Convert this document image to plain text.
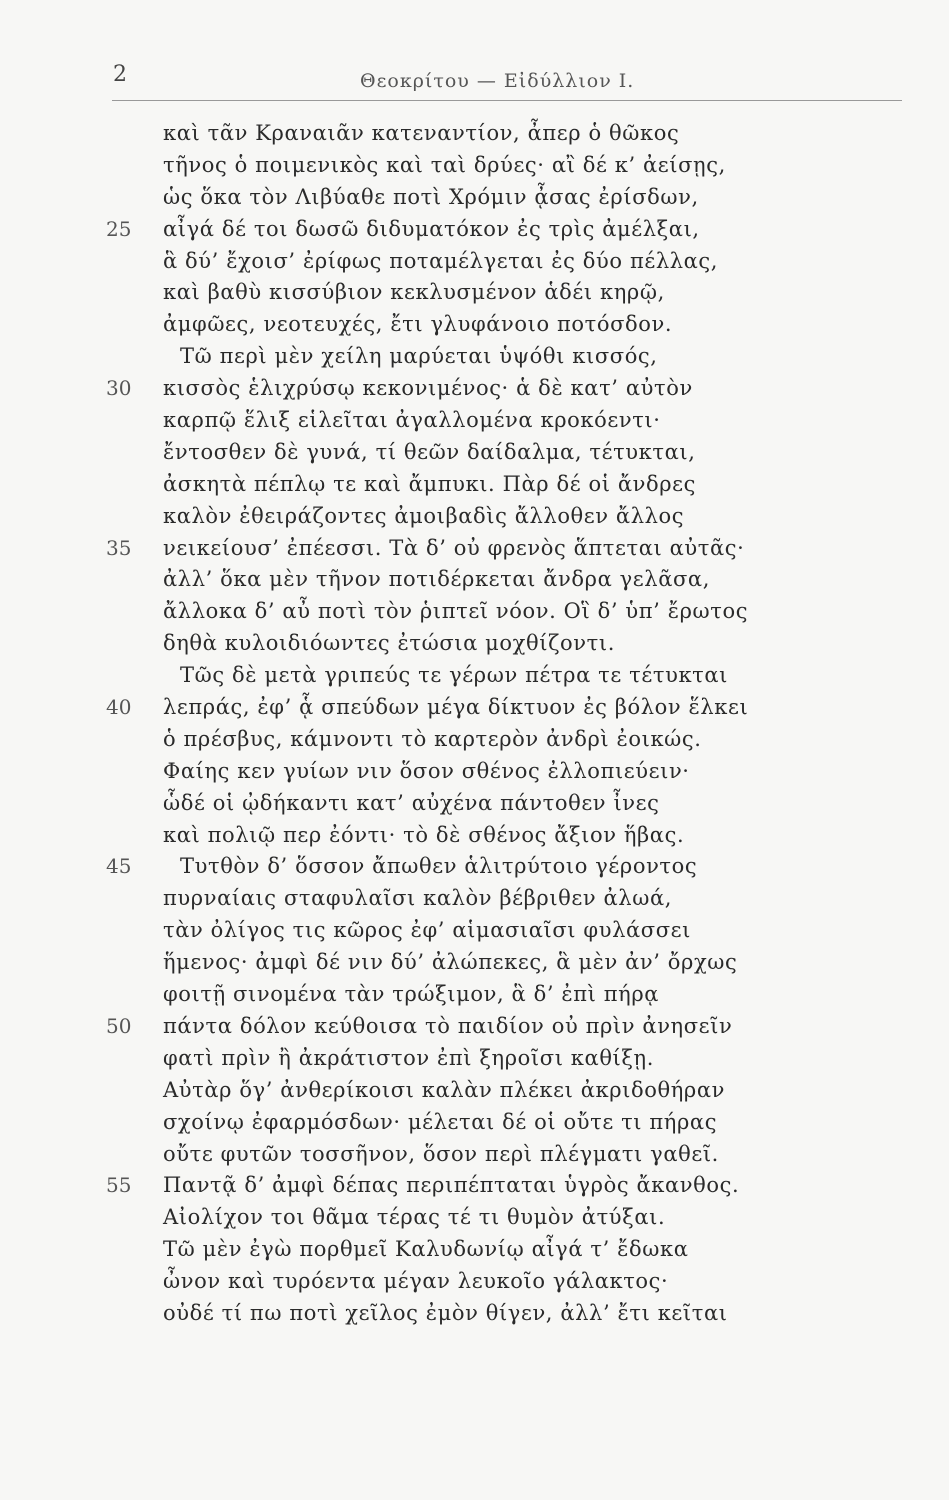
2	Θεοκρίτου — Εἰδύλλιον Ι.
καὶ τᾶν Κραναιᾶν κατεναντίον, ἆπερ ὁ θῶκος
τῆνος ὁ ποιμενικὸς καὶ ταὶ δρύες· αἲ δέ κ’ ἀείσῃς,
ὡς ὅκα τὸν Λιβύαθε ποτὶ Χρόμιν ᾆσας ἐρίσδων,
25	αἶγά δέ τοι δωσῶ διδυματόκον ἐς τρὶς ἀμέλξαι,
ἃ δύ’ ἔχοισ’ ἐρίφως ποταμέλγεται ἐς δύο πέλλας,
καὶ βαθὺ κισσύβιον κεκλυσμένον ἁδέι κηρῷ,
ἀμφῶες, νεοτευχές, ἔτι γλυφάνοιο ποτόσδον.
Τῶ περὶ μὲν χείλη μαρύεται ὑψόθι κισσός,
30	κισσὸς ἑλιχρύσῳ κεκονιμένος· ἁ δὲ κατ’ αὐτὸν
καρπῷ ἕλιξ εἱλεῖται ἀγαλλομένα κροκόεντι·
ἔντοσθεν δὲ γυνά, τί θεῶν δαίδαλμα, τέτυκται,
ἀσκητὰ πέπλῳ τε καὶ ἄμπυκι. Πὰρ δέ οἱ ἄνδρες
καλὸν ἐθειράζοντες ἀμοιβαδὶς ἄλλοθεν ἄλλος
35	νεικείουσ’ ἐπέεσσι. Τὰ δ’ οὐ φρενὸς ἅπτεται αὐτᾶς·
ἀλλ’ ὅκα μὲν τῆνον ποτιδέρκεται ἄνδρα γελᾶσα,
ἄλλοκα δ’ αὖ ποτὶ τὸν ῥιπτεῖ νόον. Οἳ δ’ ὑπ’ ἔρωτος
δηθὰ κυλοιδιόωντες ἐτώσια μοχθίζοντι.
Τῶς δὲ μετὰ γριπεύς τε γέρων πέτρα τε τέτυκται
40	λεπράς, ἐφ’ ᾇ σπεύδων μέγα δίκτυον ἐς βόλον ἕλκει
ὁ πρέσβυς, κάμνοντι τὸ καρτερὸν ἀνδρὶ ἐοικώς.
Φαίης κεν γυίων νιν ὅσον σθένος ἐλλοπιεύειν·
ὧδέ οἱ ᾠδήκαντι κατ’ αὐχένα πάντοθεν ἶνες
καὶ πολιῷ περ ἐόντι· τὸ δὲ σθένος ἄξιον ἥβας.
45	Τυτθὸν δ’ ὅσσον ἄπωθεν ἁλιτρύτοιο γέροντος
πυρναίαις σταφυλαῖσι καλὸν βέβριθεν ἀλωά,
τὰν ὀλίγος τις κῶρος ἐφ’ αἱμασιαῖσι φυλάσσει
ἥμενος· ἀμφὶ δέ νιν δύ’ ἀλώπεκες, ἃ μὲν ἀν’ ὄρχως
φοιτῇ σινομένα τὰν τρώξιμον, ἃ δ’ ἐπὶ πήρᾳ
50	πάντα δόλον κεύθοισα τὸ παιδίον οὐ πρὶν ἀνησεῖν
φατὶ πρὶν ἢ ἀκράτιστον ἐπὶ ξηροῖσι καθίξῃ.
Αὐτὰρ ὅγ’ ἀνθερίκοισι καλὰν πλέκει ἀκριδοθήραν
σχοίνῳ ἐφαρμόσδων· μέλεται δέ οἱ οὔτε τι πήρας
οὔτε φυτῶν τοσσῆνον, ὅσον περὶ πλέγματι γαθεῖ.
55	Παντᾷ δ’ ἀμφὶ δέπας περιπέπταται ὑγρὸς ἄκανθος.
Αἰολίχον τοι θᾶμα τέρας τέ τι θυμὸν ἀτύξαι.
Τῶ μὲν ἐγὼ πορθμεῖ Καλυδωνίῳ αἶγά τ’ ἔδωκα
ὦνον καὶ τυρόεντα μέγαν λευκοῖο γάλακτος·
οὐδέ τί πω ποτὶ χεῖλος ἐμὸν θίγεν, ἀλλ’ ἔτι κεῖται
